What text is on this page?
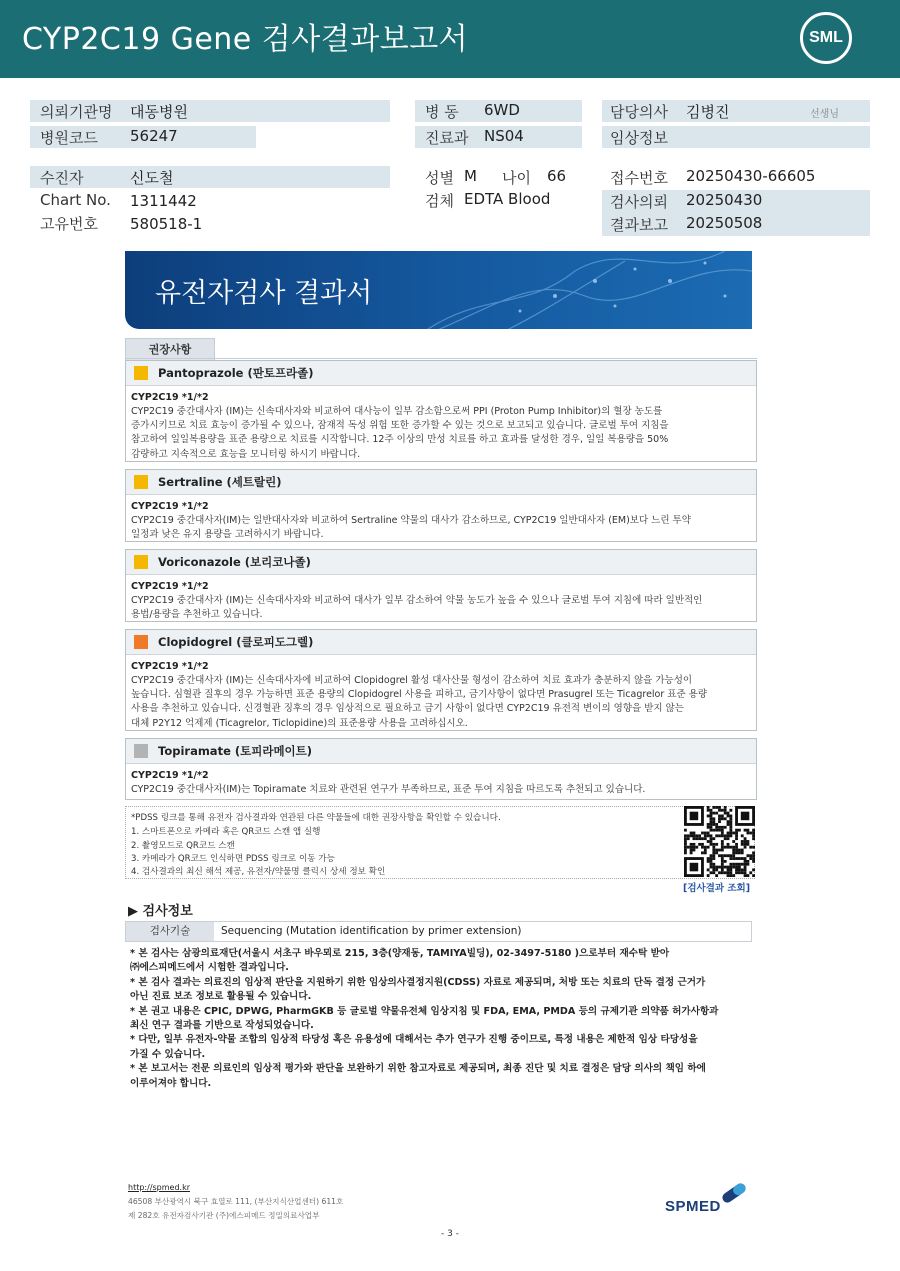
CYP2C19 Gene 검사결과보고서	SML
의뢰기관명 대동병원
병원코드 56247
병 동 6WD
진료과 NS04
담당의사 김병진	선생님
임상정보
수진자	신도철
Chart No. 1311442
고유번호 580518-1
성별 M 나이 66
검체 EDTA Blood
접수번호 20250430-66605
검사의뢰 20250430
결과보고 20250508
유전자검사 결과서
권장사항
Pantoprazole (판토프라졸)
CYP2C19 *1/*2
CYP2C19 중간대사자 (IM)는 신속대사자와 비교하여 대사능이 일부 감소함으로써 PPI (Proton Pump Inhibitor)의 혈장 농도를
증가시키므로 치료 효능이 증가될 수 있으나, 잠재적 독성 위험 또한 증가할 수 있는 것으로 보고되고 있습니다. 글로벌 투여 지침을
참고하여 일일복용량을 표준 용량으로 치료를 시작합니다. 12주 이상의 만성 치료를 하고 효과를 달성한 경우, 일일 복용량을 50%
감량하고 지속적으로 효능을 모니터링 하시기 바랍니다.
Sertraline (세트랄린)
CYP2C19 *1/*2
CYP2C19 중간대사자(IM)는 일반대사자와 비교하여 Sertraline 약물의 대사가 감소하므로, CYP2C19 일반대사자 (EM)보다 느린 투약
일정과 낮은 유지 용량을 고려하시기 바랍니다.
Voriconazole (보리코나졸)
CYP2C19 *1/*2
CYP2C19 중간대사자 (IM)는 신속대사자와 비교하여 대사가 일부 감소하여 약물 농도가 높을 수 있으나 글로벌 투여 지침에 따라 일반적인
용법/용량을 추천하고 있습니다.
Clopidogrel (클로피도그렐)
CYP2C19 *1/*2
CYP2C19 중간대사자 (IM)는 신속대사자에 비교하여 Clopidogrel 활성 대사산물 형성이 감소하여 치료 효과가 충분하지 않을 가능성이
높습니다. 심혈관 질후의 경우 가능하면 표준 용량의 Clopidogrel 사용을 피하고, 금기사항이 없다면 Prasugrel 또는 Ticagrelor 표준 용량
사용을 추천하고 있습니다. 신경혈관 징후의 경우 임상적으로 필요하고 금기 사항이 없다면 CYP2C19 유전적 변이의 영향을 받지 않는
대체 P2Y12 억제제 (Ticagrelor, Ticlopidine)의 표준용량 사용을 고려하십시오.
Topiramate (토피라메이트)
CYP2C19 *1/*2
CYP2C19 중간대사자(IM)는 Topiramate 치료와 관련된 연구가 부족하므로, 표준 투여 지침을 따르도록 추천되고 있습니다.
*PDSS 링크를 통해 유전자 검사결과와 연관된 다른 약물들에 대한 권장사항을 확인할 수 있습니다.
1. 스마트폰으로 카메라 혹은 QR코드 스캔 앱 실행
2. 촬영모드로 QR코드 스캔
3. 카메라가 QR코드 인식하면 PDSS 링크로 이동 가능
4. 검사결과의 최신 해석 제공, 유전자/약물명 클릭시 상세 정보 확인
[검사결과 조회]
▶ 검사정보
검사기술	Sequencing (Mutation identification by primer extension)
* 본 검사는 삼광의료재단(서울시 서초구 바우뫼로 215, 3층(양재동, TAMIYA빌딩), 02-3497-5180 )으로부터 재수탁 받아
㈜에스피메드에서 시험한 결과입니다.
* 본 검사 결과는 의료진의 임상적 판단을 지원하기 위한 임상의사결정지원(CDSS) 자료로 제공되며, 처방 또는 치료의 단독 결정 근거가
아닌 진료 보조 정보로 활용될 수 있습니다.
* 본 권고 내용은 CPIC, DPWG, PharmGKB 등 글로벌 약물유전체 임상지침 및 FDA, EMA, PMDA 등의 규제기관 의약품 허가사항과
최신 연구 결과를 기반으로 작성되었습니다.
* 다만, 일부 유전자-약물 조합의 임상적 타당성 혹은 유용성에 대해서는 추가 연구가 진행 중이므로, 특정 내용은 제한적 임상 타당성을
가질 수 있습니다.
* 본 보고서는 전문 의료인의 임상적 평가와 판단을 보완하기 위한 참고자료로 제공되며, 최종 진단 및 치료 결정은 담당 의사의 책임 하에
이루어져야 합니다.
http://spmed.kr
46508 부산광역시 북구 효열로 111, (부산지식산업센터) 611호
제 282호 유전자검사기관 (주)에스피메드 정밀의료사업부
SPMED
- 3 -
